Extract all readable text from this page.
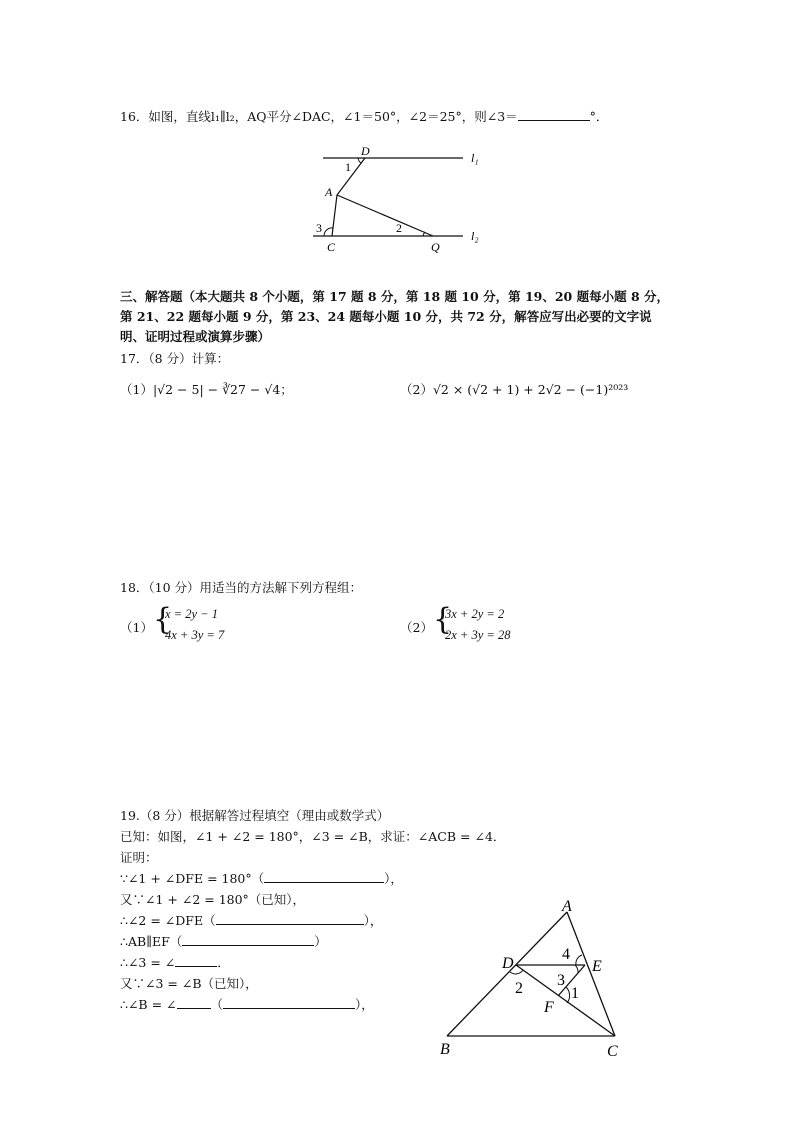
16．如图，直线l₁∥l₂，AQ平分∠DAC，∠1＝50°，∠2＝25°，则∠3＝	°．
D
A
C	Q
l₁
l₂
1
2
3
三、解答题（本大题共 8 个小题，第 17 题 8 分，第 18 题 10 分，第 19、20 题每小题 8 分，
第 21、22 题每小题 9 分，第 23、24 题每小题 10 分，共 72 分，解答应写出必要的文字说
明、证明过程或演算步骤）
17．（8 分）计算：
（1）|√2 − 5| − ∛27 − √4；	（2）√2 × (√2 + 1) + 2√2 − (−1)²⁰²³
18．（10 分）用适当的方法解下列方程组：
（1） {
x = 2y − 1
4x + 3y = 7	（2） {
3x + 2y = 2
2x + 3y = 28
19.（8 分）根据解答过程填空（理由或数学式）
已知：如图，∠1 + ∠2 = 180°，∠3 = ∠B，求证：∠ACB = ∠4．
证明：
∵∠1 + ∠DFE = 180°（	），
又∵∠1 + ∠2 = 180°（已知），
∴∠2 = ∠DFE（	），
∴AB∥EF（	）
∴∠3 = ∠	．
又∵∠3 = ∠B（已知），
∴∠B = ∠	（	），
A
B	C
D	E
F
1
2 3
4
